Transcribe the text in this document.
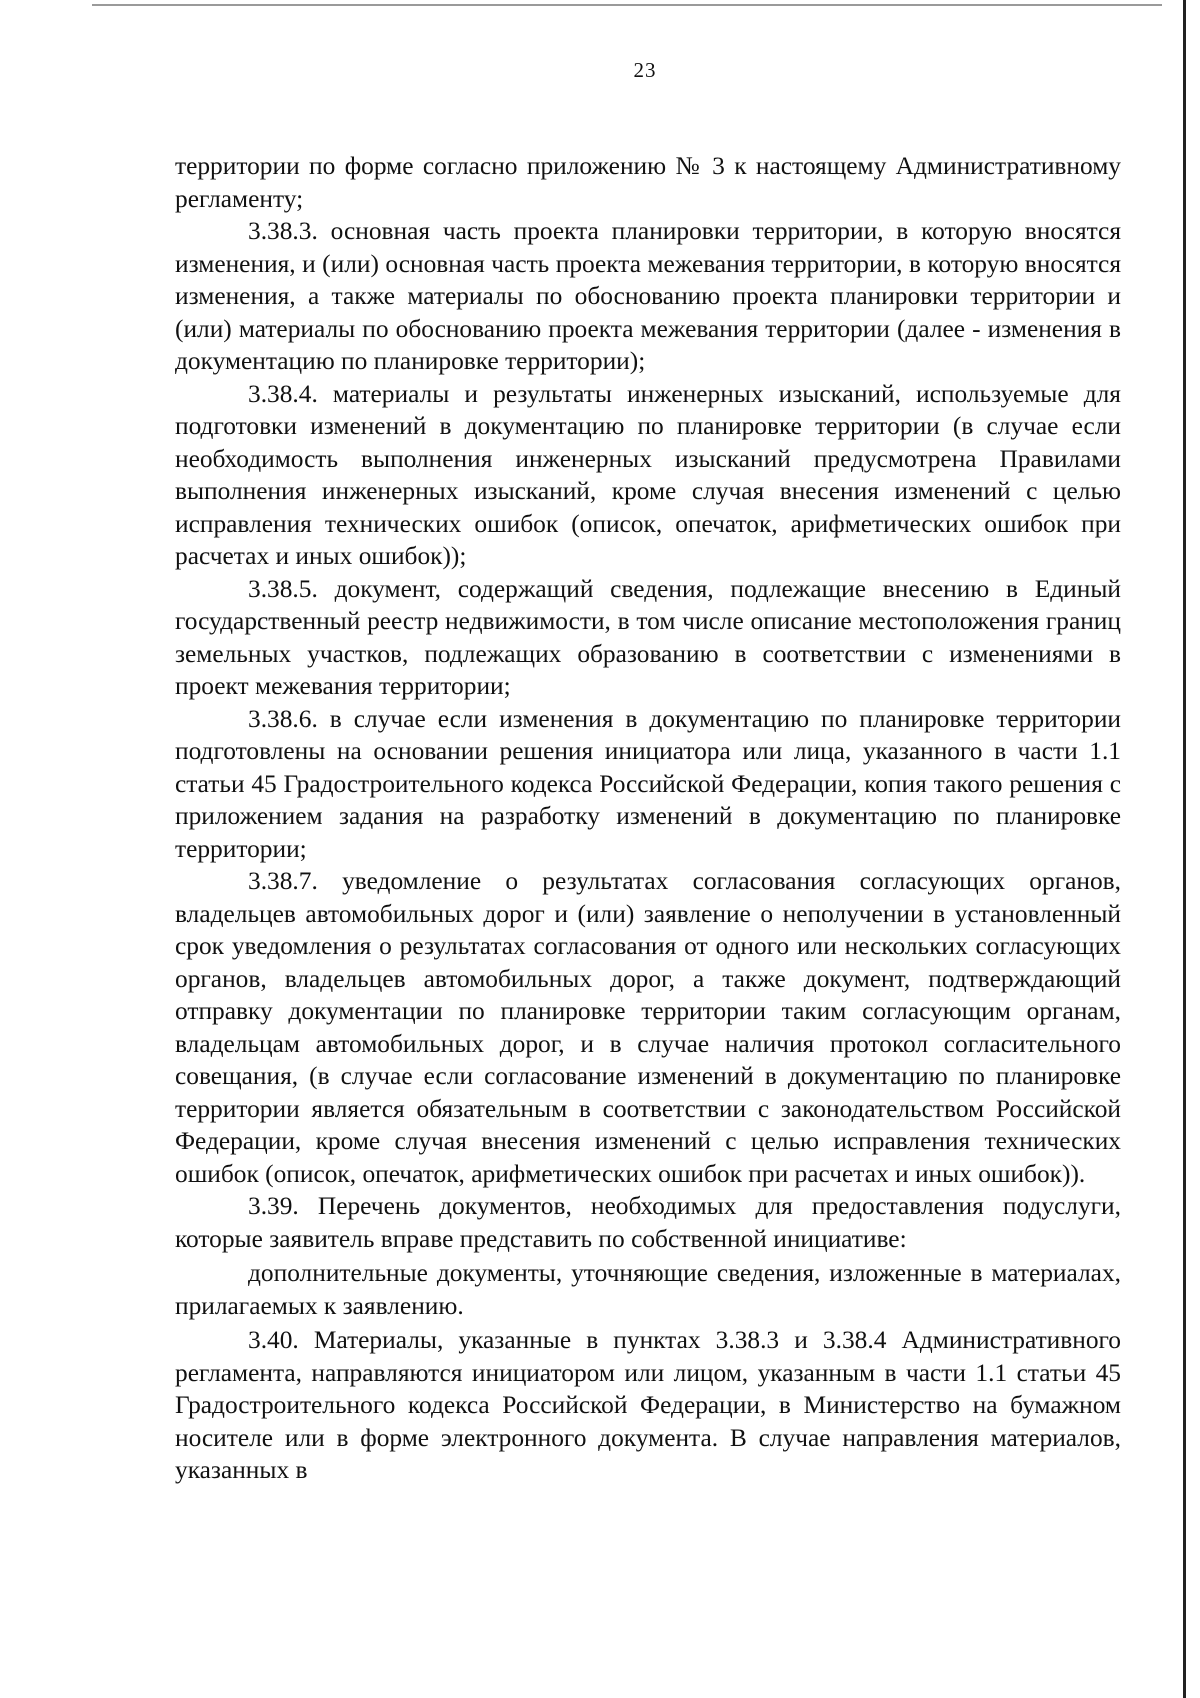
23

территории по форме согласно приложению № 3 к настоящему Административному регламенту;

3.38.3. основная часть проекта планировки территории, в которую вносятся изменения, и (или) основная часть проекта межевания территории, в которую вносятся изменения, а также материалы по обоснованию проекта планировки территории и (или) материалы по обоснованию проекта межевания территории (далее - изменения в документацию по планировке территории);

3.38.4. материалы и результаты инженерных изысканий, используемые для подготовки изменений в документацию по планировке территории (в случае если необходимость выполнения инженерных изысканий предусмотрена Правилами выполнения инженерных изысканий, кроме случая внесения изменений с целью исправления технических ошибок (описок, опечаток, арифметических ошибок при расчетах и иных ошибок));

3.38.5. документ, содержащий сведения, подлежащие внесению в Единый государственный реестр недвижимости, в том числе описание местоположения границ земельных участков, подлежащих образованию в соответствии с изменениями в проект межевания территории;

3.38.6. в случае если изменения в документацию по планировке территории подготовлены на основании решения инициатора или лица, указанного в части 1.1 статьи 45 Градостроительного кодекса Российской Федерации, копия такого решения с приложением задания на разработку изменений в документацию по планировке территории;

3.38.7. уведомление о результатах согласования согласующих органов, владельцев автомобильных дорог и (или) заявление о неполучении в установленный срок уведомления о результатах согласования от одного или нескольких согласующих органов, владельцев автомобильных дорог, а также документ, подтверждающий отправку документации по планировке территории таким согласующим органам, владельцам автомобильных дорог, и в случае наличия протокол согласительного совещания, (в случае если согласование изменений в документацию по планировке территории является обязательным в соответствии с законодательством Российской Федерации, кроме случая внесения изменений с целью исправления технических ошибок (описок, опечаток, арифметических ошибок при расчетах и иных ошибок)).

3.39. Перечень документов, необходимых для предоставления подуслуги, которые заявитель вправе представить по собственной инициативе:

дополнительные документы, уточняющие сведения, изложенные в материалах, прилагаемых к заявлению.

3.40. Материалы, указанные в пунктах 3.38.3 и 3.38.4 Административного регламента, направляются инициатором или лицом, указанным в части 1.1 статьи 45 Градостроительного кодекса Российской Федерации, в Министерство на бумажном носителе или в форме электронного документа. В случае направления материалов, указанных в
